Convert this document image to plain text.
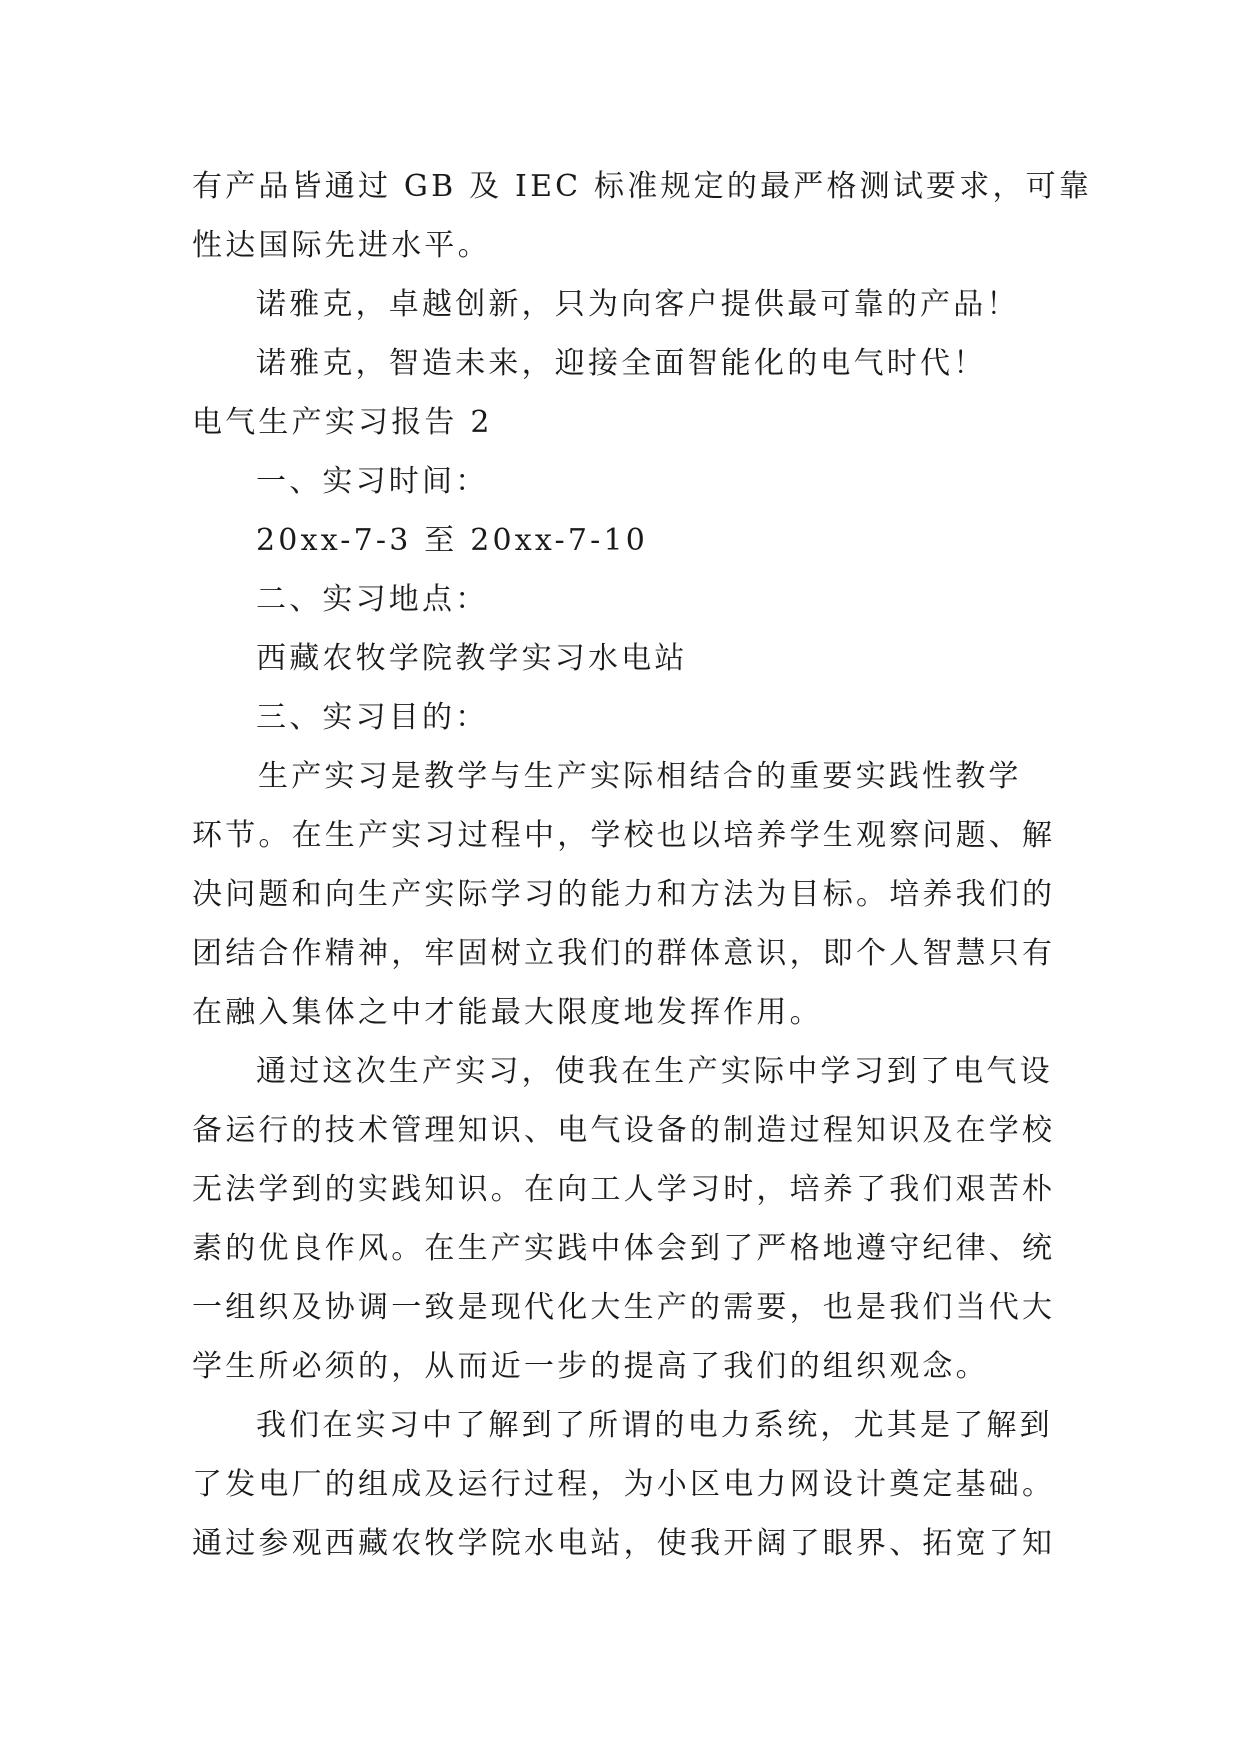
有产品皆通过 GB 及 IEC 标准规定的最严格测试要求，可靠
性达国际先进水平。
诺雅克，卓越创新，只为向客户提供最可靠的产品！
诺雅克，智造未来，迎接全面智能化的电气时代！
电气生产实习报告 2
一、实习时间：
20xx-7-3 至 20xx-7-10
二、实习地点：
西藏农牧学院教学实习水电站
三、实习目的：
生产实习是教学与生产实际相结合的重要实践性教学
环节。在生产实习过程中，学校也以培养学生观察问题、解
决问题和向生产实际学习的能力和方法为目标。培养我们的
团结合作精神，牢固树立我们的群体意识，即个人智慧只有
在融入集体之中才能最大限度地发挥作用。
通过这次生产实习，使我在生产实际中学习到了电气设
备运行的技术管理知识、电气设备的制造过程知识及在学校
无法学到的实践知识。在向工人学习时，培养了我们艰苦朴
素的优良作风。在生产实践中体会到了严格地遵守纪律、统
一组织及协调一致是现代化大生产的需要，也是我们当代大
学生所必须的，从而近一步的提高了我们的组织观念。
我们在实习中了解到了所谓的电力系统，尤其是了解到
了发电厂的组成及运行过程，为小区电力网设计奠定基础。
通过参观西藏农牧学院水电站，使我开阔了眼界、拓宽了知
